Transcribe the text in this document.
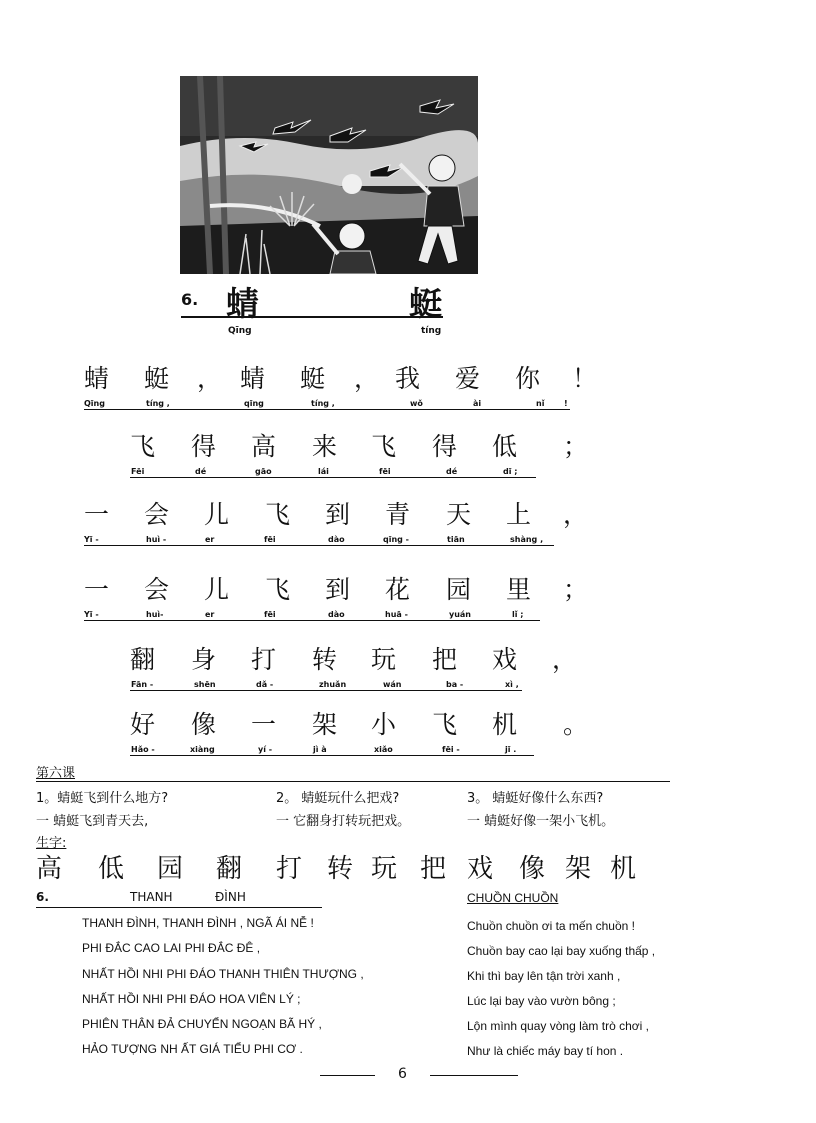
6. 蜻	蜓
Qīng	tíng
蜻 蜓 ， 蜻 蜓 ， 我 爱 你 ！
Qīng	tíng ,	qīng	tíng ,	wǒ	ài	nǐ !
飞 得 高 来 飞 得 低 ；
Fēi	dé	gāo	lái	fēi	dé	dī ;
一 会 儿 飞 到 青 天 上 ，
Yī -	huì -	er	fēi	dào	qīng -	tiān	shàng ,
一 会 儿 飞 到 花 园 里 ；
Yī -	huì-	er	fēi	dào	huā -	yuán	lǐ ;
翻 身 打 转 玩 把 戏 ，
Fān -	shēn	dǎ -	zhuǎn	wán	ba -	xì ,
好 像 一 架 小 飞 机 。
Hǎo -	xiàng	yí -	jì à	xiǎo	fēi -	jī .
第六课
1。蜻蜓飞到什么地方?	2。 蜻蜓玩什么把戏?	3。 蜻蜓好像什么东西?
一 蜻蜓飞到青天去,	一 它翻身打转玩把戏。	一 蜻蜓好像一架小飞机。
生字:
高 低 园 翻 打 转 玩 把 戏 像 架 机
6.	THANH	ĐÌNH
THANH ĐÌNH, THANH ĐÌNH , NGÃ ÁI NỄ !
PHI ĐẮC CAO LAI PHI ĐẮC ĐÊ ,
NHẤT HỒI NHI PHI ĐÁO THANH THIÊN THƯỢNG ,
NHẤT HỒI NHI PHI ĐÁO HOA VIÊN LÝ ;
PHIÊN THÂN ĐẢ CHUYỂN NGOẠN BÃ HÝ ,
HẢO TƯỢNG NH ẤT GIÁ TIỂU PHI CƠ .
CHUỒN CHUỒN
Chuồn chuồn ơi ta mến chuồn !
Chuồn bay cao lại bay xuống thấp ,
Khi thì bay lên tận trời xanh ,
Lúc lại bay vào vườn bông ;
Lộn mình quay vòng làm trò chơi ,
Như là chiếc máy bay tí hon .
6
